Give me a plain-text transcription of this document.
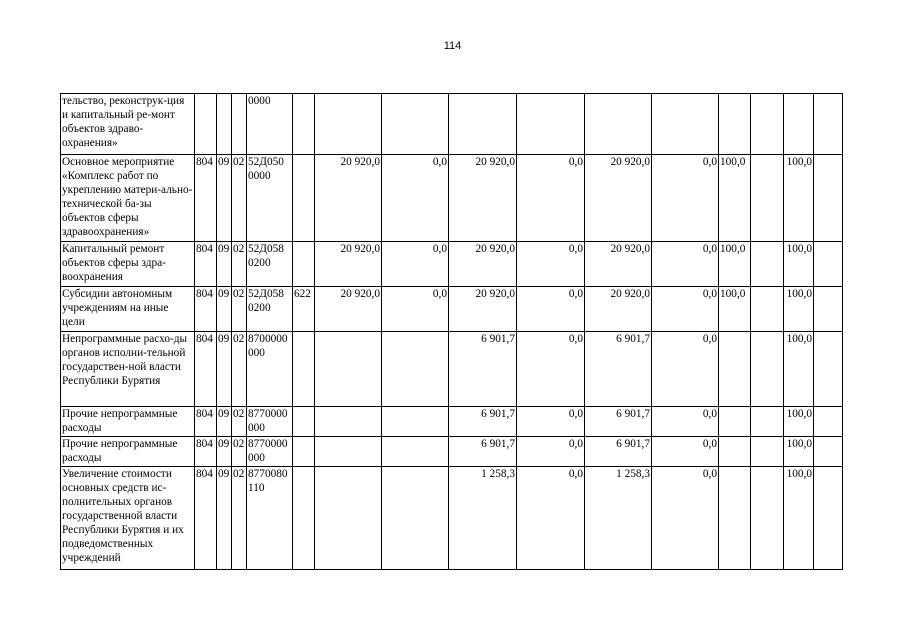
114
тельство, реконструк-ция и капитальный ре-монт объектов здраво-охранения»				0000											
Основное мероприятие «Комплекс работ по укреплению матери-ально-технической ба-зы объектов сферы здравоохранения»	804	09	02	52Д050 0000		20 920,0	0,0	20 920,0	0,0	20 920,0	0,0	100,0		100,0	
Капитальный ремонт объектов сферы здра-воохранения	804	09	02	52Д058 0200		20 920,0	0,0	20 920,0	0,0	20 920,0	0,0	100,0		100,0	
Субсидии автономным учреждениям на иные цели	804	09	02	52Д058 0200	622	20 920,0	0,0	20 920,0	0,0	20 920,0	0,0	100,0		100,0	
Непрограммные расхо-ды органов исполни-тельной государствен-ной власти Республики Бурятия	804	09	02	8700000000				6 901,7	0,0	6 901,7	0,0			100,0	
Прочие непрограммные расходы	804	09	02	8770000000				6 901,7	0,0	6 901,7	0,0			100,0	
Прочие непрограммные расходы	804	09	02	8770000000				6 901,7	0,0	6 901,7	0,0			100,0	
Увеличение стоимости основных средств ис-полнительных органов государственной власти Республики Бурятия и их подведомственных учреждений	804	09	02	8770080110				1 258,3	0,0	1 258,3	0,0			100,0	
